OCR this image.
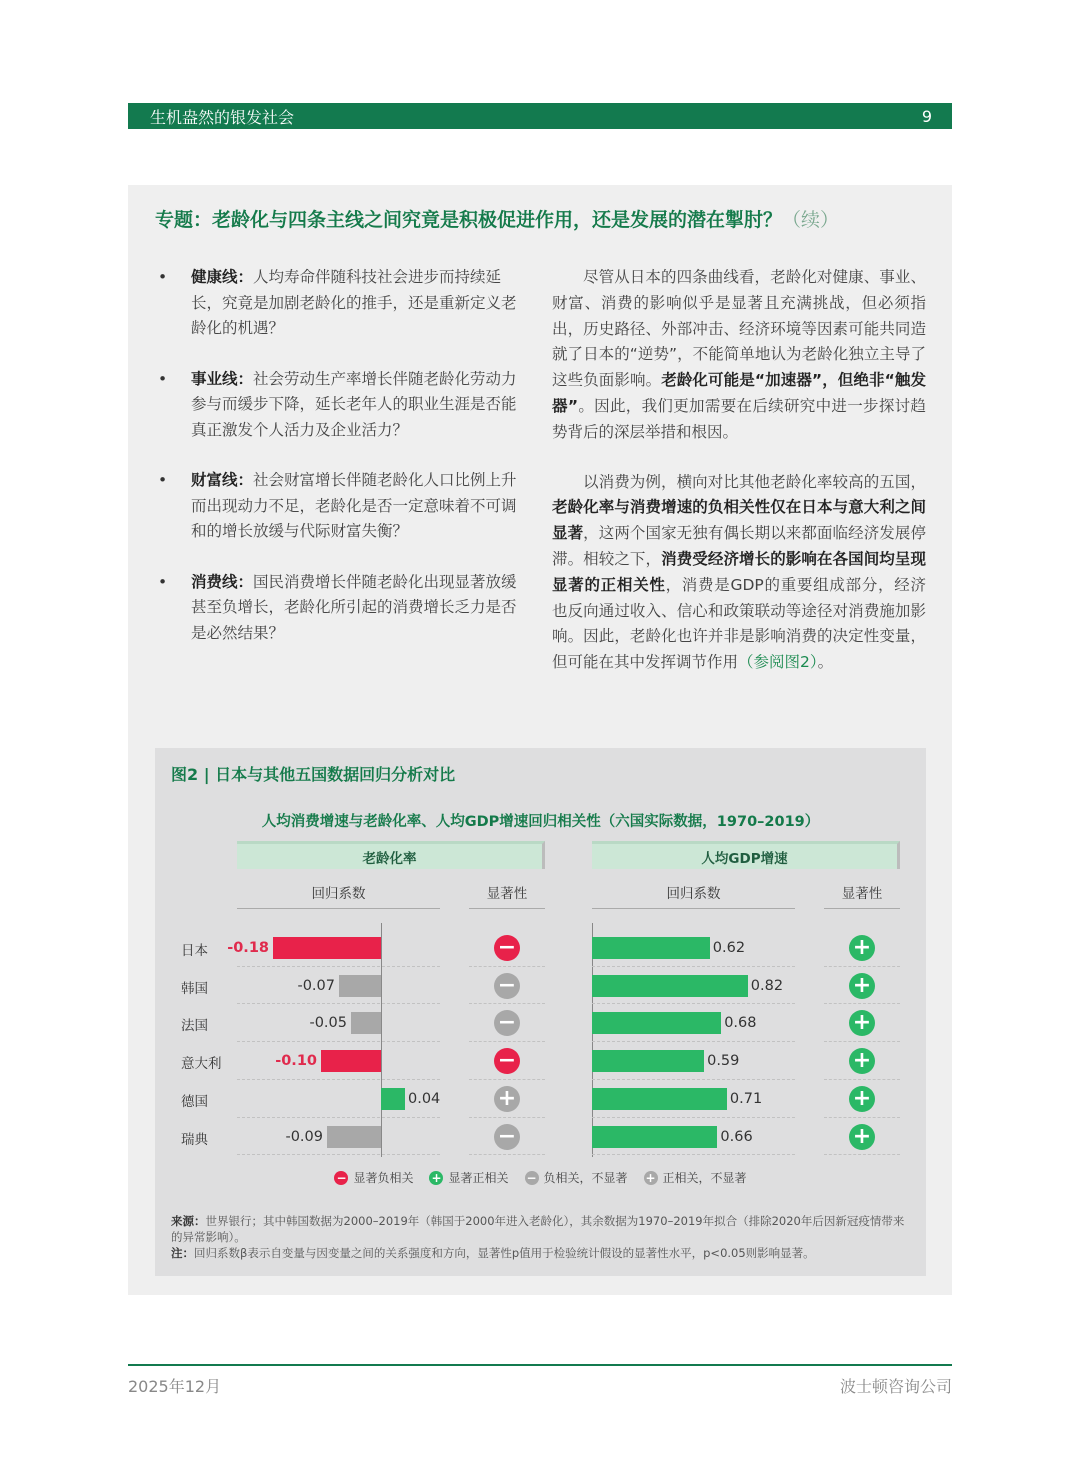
生机盎然的银发社会	9
专题：老龄化与四条主线之间究竟是积极促进作用，还是发展的潜在掣肘？（续）
• 健康线：人均寿命伴随科技社会进步而持续延长，究竟是加剧老龄化的推手，还是重新定义老龄化的机遇？
• 事业线：社会劳动生产率增长伴随老龄化劳动力参与而缓步下降，延长老年人的职业生涯是否能真正激发个人活力及企业活力？
• 财富线：社会财富增长伴随老龄化人口比例上升而出现动力不足，老龄化是否一定意味着不可调和的增长放缓与代际财富失衡？
• 消费线：国民消费增长伴随老龄化出现显著放缓甚至负增长，老龄化所引起的消费增长乏力是否是必然结果？

尽管从日本的四条曲线看，老龄化对健康、事业、财富、消费的影响似乎是显著且充满挑战，但必须指出，历史路径、外部冲击、经济环境等因素可能共同造就了日本的“逆势”，不能简单地认为老龄化独立主导了这些负面影响。老龄化可能是“加速器”，但绝非“触发器”。因此，我们更加需要在后续研究中进一步探讨趋势背后的深层举措和根因。

以消费为例，横向对比其他老龄化率较高的五国，老龄化率与消费增速的负相关性仅在日本与意大利之间显著，这两个国家无独有偶长期以来都面临经济发展停滞。相较之下，消费受经济增长的影响在各国间均呈现显著的正相关性，消费是GDP的重要组成部分，经济也反向通过收入、信心和政策联动等途径对消费施加影响。因此，老龄化也许并非是影响消费的决定性变量，但可能在其中发挥调节作用（参阅图2）。

图2 | 日本与其他五国数据回归分析对比
人均消费增速与老龄化率、人均GDP增速回归相关性（六国实际数据，1970–2019）
老龄化率	人均GDP增速
回归系数	显著性	回归系数	显著性
− 显著负相关 + 显著正相关 − 负相关，不显著 + 正相关，不显著
来源：世界银行；其中韩国数据为2000–2019年（韩国于2000年进入老龄化），其余数据为1970–2019年拟合（排除2020年后因新冠疫情带来的异常影响）。
注：回归系数β表示自变量与因变量之间的关系强度和方向，显著性p值用于检验统计假设的显著性水平，p<0.05则影响显著。
日本 -0.18	−	0.62	+
韩国	-0.07	−	0.82	+
法国	-0.05	−	0.68	+
意大利	-0.10	−	0.59	+
德国	0.04	+	0.71	+
瑞典	-0.09	−	0.66	+
2025年12月	波士顿咨询公司
